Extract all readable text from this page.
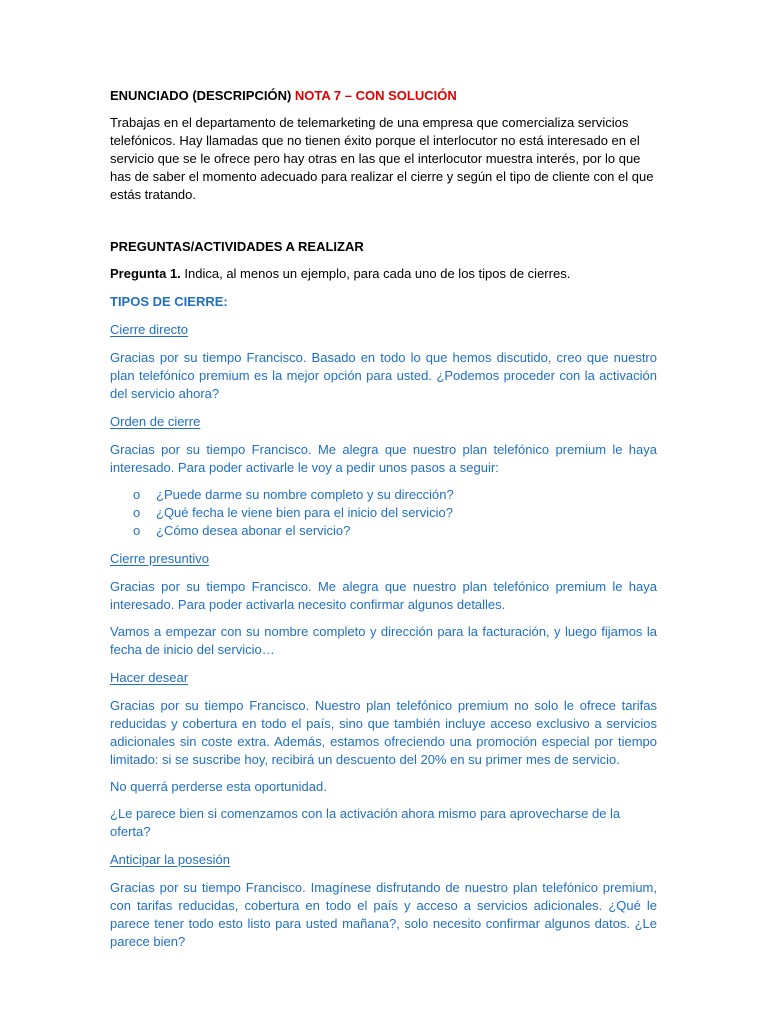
ENUNCIADO (DESCRIPCIÓN) NOTA 7 – CON SOLUCIÓN

Trabajas en el departamento de telemarketing de una empresa que comercializa servicios telefónicos. Hay llamadas que no tienen éxito porque el interlocutor no está interesado en el servicio que se le ofrece pero hay otras en las que el interlocutor muestra interés, por lo que has de saber el momento adecuado para realizar el cierre y según el tipo de cliente con el que estás tratando.

PREGUNTAS/ACTIVIDADES A REALIZAR

Pregunta 1. Indica, al menos un ejemplo, para cada uno de los tipos de cierres.

TIPOS DE CIERRE:

Cierre directo

Gracias por su tiempo Francisco. Basado en todo lo que hemos discutido, creo que nuestro plan telefónico premium es la mejor opción para usted. ¿Podemos proceder con la activación del servicio ahora?

Orden de cierre

Gracias por su tiempo Francisco. Me alegra que nuestro plan telefónico premium le haya interesado. Para poder activarle le voy a pedir unos pasos a seguir:

o ¿Puede darme su nombre completo y su dirección?
o ¿Qué fecha le viene bien para el inicio del servicio?
o ¿Cómo desea abonar el servicio?

Cierre presuntivo

Gracias por su tiempo Francisco. Me alegra que nuestro plan telefónico premium le haya interesado. Para poder activarla necesito confirmar algunos detalles.

Vamos a empezar con su nombre completo y dirección para la facturación, y luego fijamos la fecha de inicio del servicio…

Hacer desear

Gracias por su tiempo Francisco. Nuestro plan telefónico premium no solo le ofrece tarifas reducidas y cobertura en todo el país, sino que también incluye acceso exclusivo a servicios adicionales sin coste extra. Además, estamos ofreciendo una promoción especial por tiempo limitado: si se suscribe hoy, recibirá un descuento del 20% en su primer mes de servicio.

No querrá perderse esta oportunidad.

¿Le parece bien si comenzamos con la activación ahora mismo para aprovecharse de la oferta?

Anticipar la posesión

Gracias por su tiempo Francisco. Imagínese disfrutando de nuestro plan telefónico premium, con tarifas reducidas, cobertura en todo el país y acceso a servicios adicionales. ¿Qué le parece tener todo esto listo para usted mañana?, solo necesito confirmar algunos datos. ¿Le parece bien?
